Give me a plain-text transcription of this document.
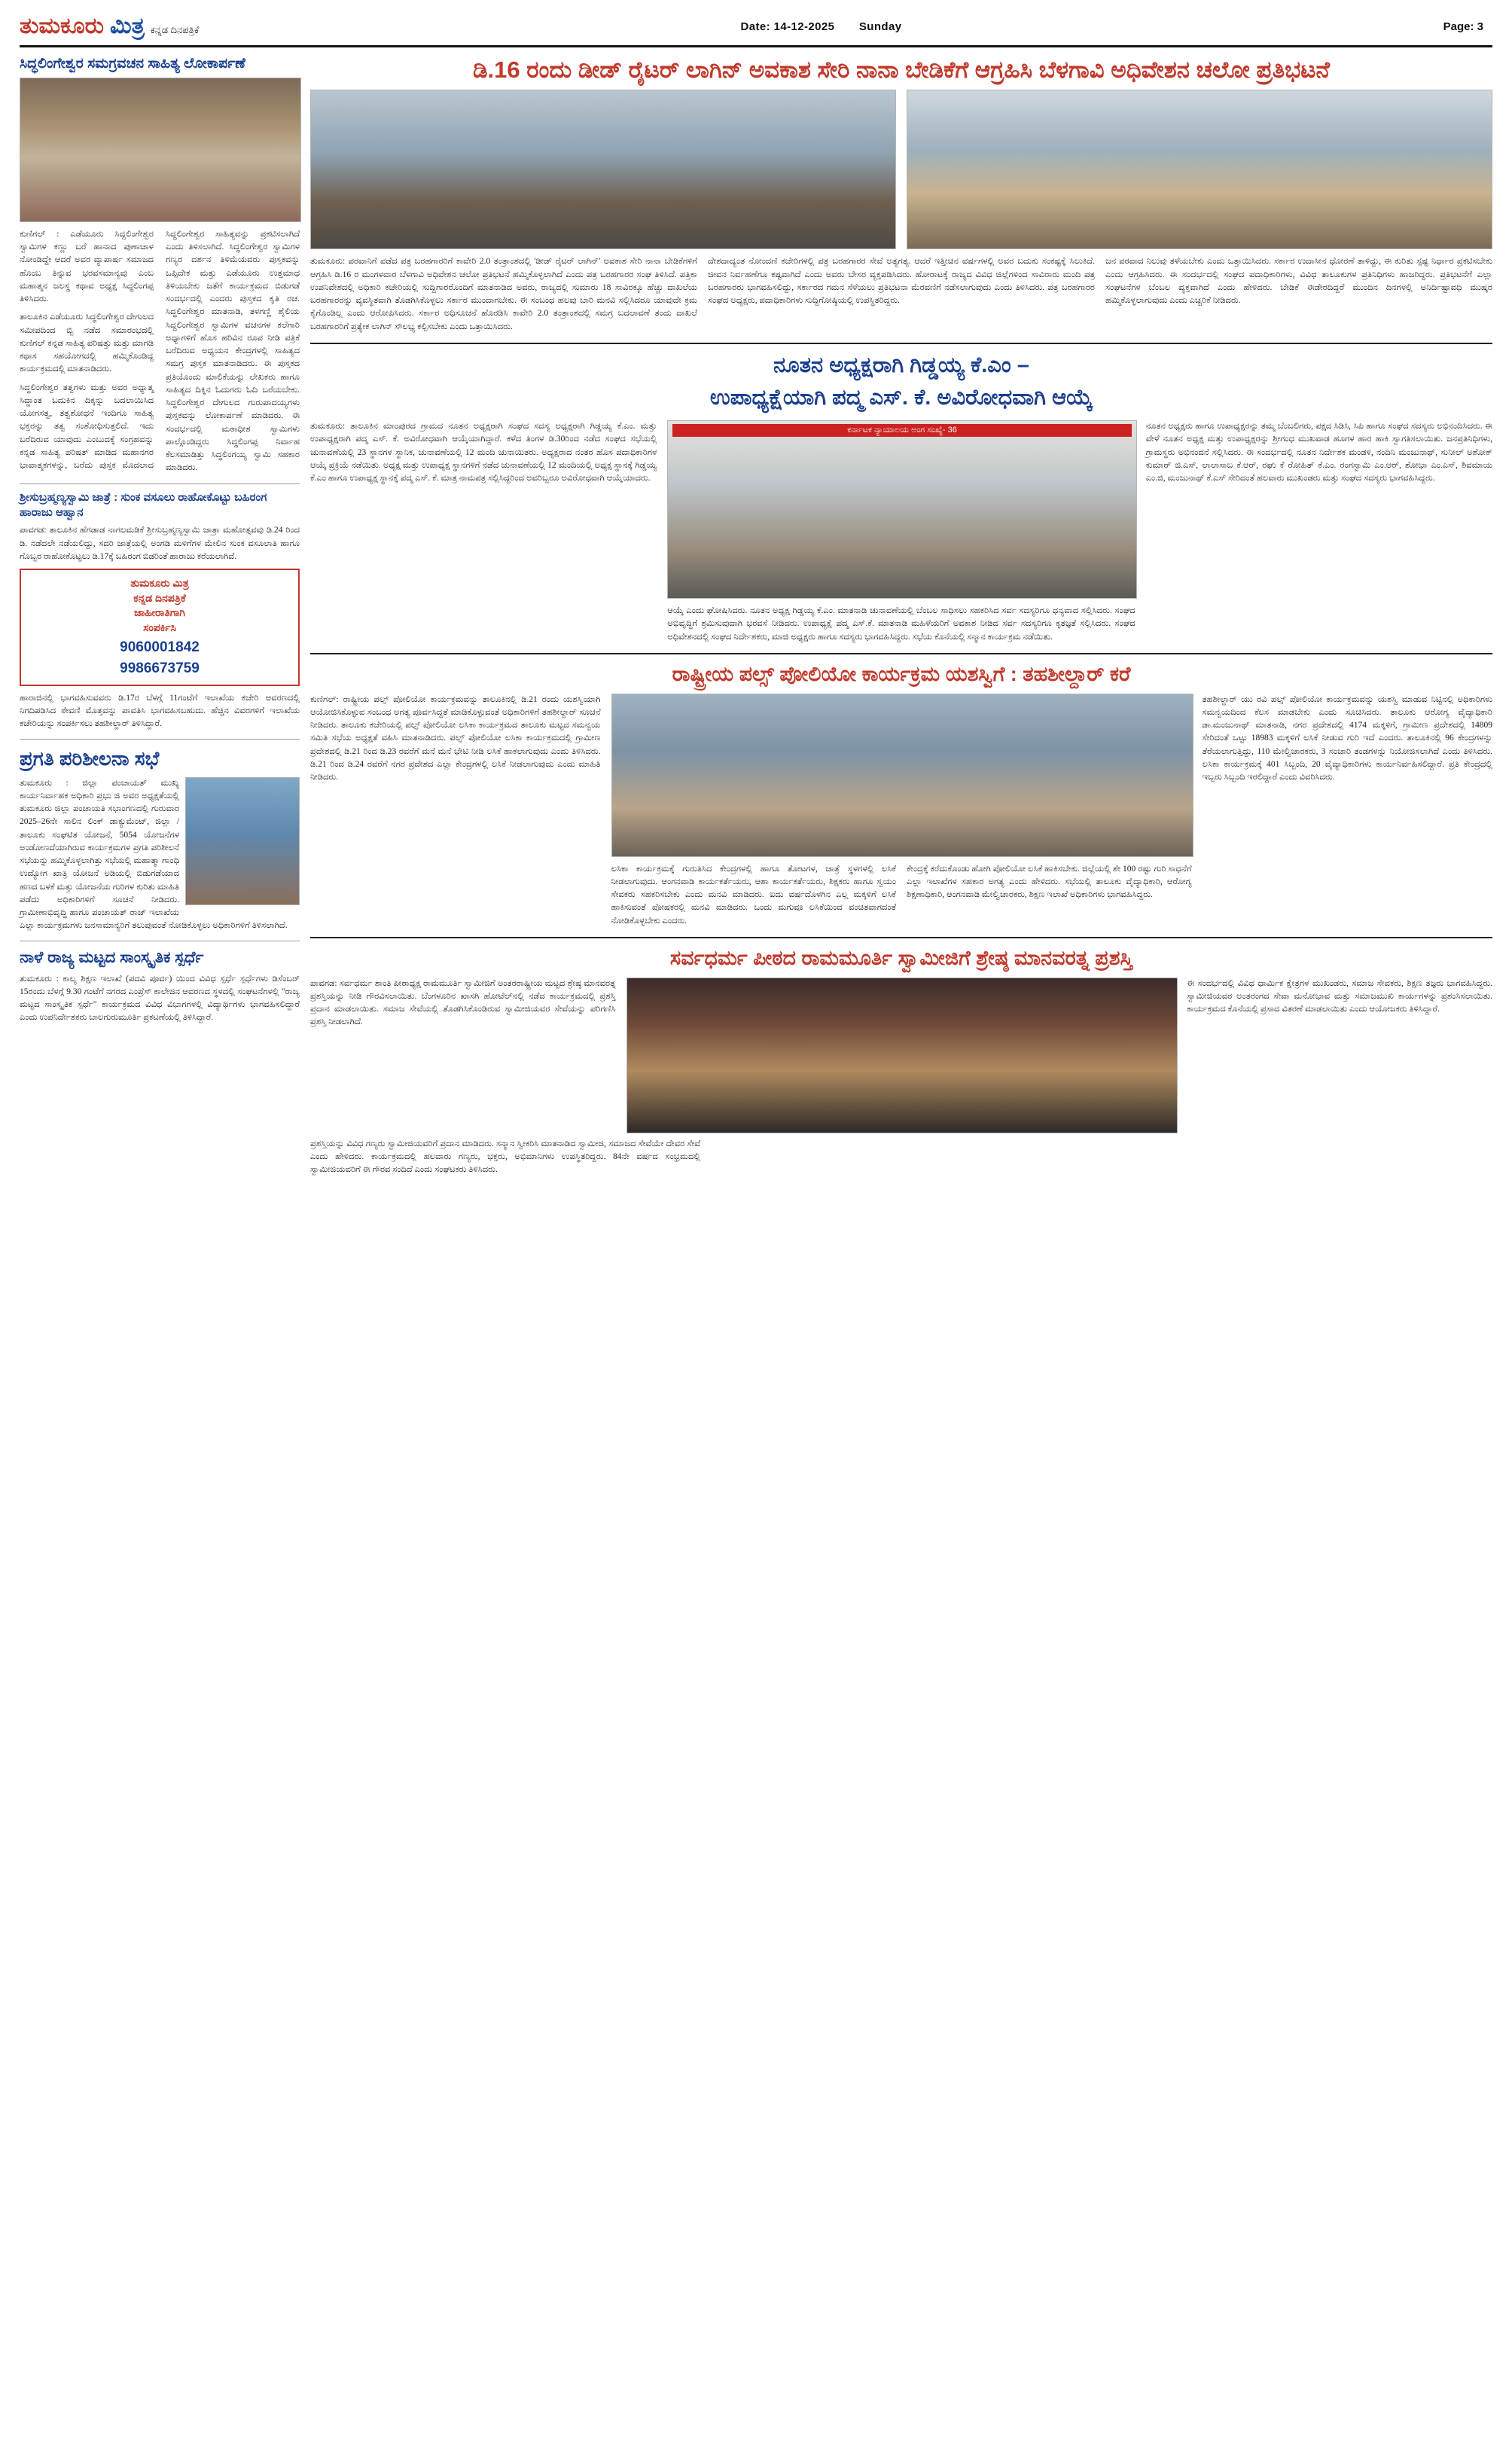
ತುಮಕೂರು ಮಿತ್ರ ಕನ್ನಡ ದಿನಪತ್ರಿಕೆ	Date: 14-12-2025 Sunday	Page: 3
ಸಿದ್ಧಲಿಂಗೇಶ್ವರ ಸಮಗ್ರವಚನ ಸಾಹಿತ್ಯ ಲೋಕಾರ್ಪಣೆ

ಕುಣಿಗಲ್ : ಎಡೆಯೂರು ಸಿದ್ದಲಿಂಗೇಶ್ವರ ಸ್ವಾಮಿಗಳ ಕಣ್ಣು ಬರೆ ಹಾನಾದ ಪುಣಾಚಾಳ ನೋಂಡಿದ್ದೇ ಆದರೆ ಅವರ ವ್ಯಾಪಾರ್ಷ ಸಮಾಜದ ಹೊಂಬ ತಿನ್ನುವ ಭರವಸಮಾನ್ಯವು ಎಂಬ ಮಹಾತ್ಮನ ಜಲಸ್ಥ ಕಥಾವ ಅಧ್ಯಕ್ಷ ಸಿದ್ಧಲಿಂಗಪ್ಪ ತಿಳಿಸಿದರು.

ತಾಲೂಕಿನ ಎಡೆಯೂರು ಸಿದ್ಧಲಿಂಗೇಶ್ವರ ದೇಗುಲದ ಸಮೀಪದಿಂದ ಬ್ಬಿ ನಡೆದ ಸಮಾರಂಭದಲ್ಲಿ ಕುಣಿಗಲ್ ಕನ್ನಡ ಸಾಹಿತ್ಯ ಪರಿಷತ್ತು ಮತ್ತು ಮಾಗಡಿ ಕಥಾಸ ಸಹಯೋಗದಲ್ಲಿ ಹಮ್ಮಿಕೊಂಡಿದ್ದ ಕಾರ್ಯಕ್ರಮದಲ್ಲಿ ಮಾತನಾಡಿದರು.

ಸಿದ್ಧಲಿಂಗೇಶ್ವರ ತತ್ವಗಳು ಮತ್ತು ಅವರ ಅಧ್ಯಾತ್ಮ ಸಿದ್ಧಾಂತ ಬದುಕಿನ ದಿಕ್ಕನ್ನು ಬದಲಾಯಿಸಿದ ಯೋಗಸತ್ವ, ತತ್ವಶೋಧನೆ ಇಂದಿಗೂ ಸಾಹಿತ್ಯ ಭಕ್ತರನ್ನು ತತ್ವ ಸಂಶೋಧಿಸುತ್ತಲಿದೆ. ಇದು ಬರೆದಿರುವ ಯಾವುದು ಎಂಬುದಕ್ಕೆ ಸಂಗ್ರಹವನ್ನು ಕನ್ನಡ ಸಾಹಿತ್ಯ ಪರಿಷತ್ ಮಾಡಿದ ಮಹಾನಗರ ಭಾವಾತ್ಮಕಗಳನ್ನು, ಬರೆದು ಪುಸ್ತಕ ಮೊದಲಾದ ಸಿದ್ಧಲಿಂಗೇಶ್ವರ ಸಾಹಿತ್ಯವನ್ನು ಪ್ರಕಟಿಸಲಾಗಿದೆ ಎಂದು ತಿಳಿಸಲಾಗಿದೆ. ಸಿದ್ಧಲಿಂಗೇಶ್ವರ ಸ್ವಾಮಿಗಳ ಗಣ್ಯರ ದರ್ಶನ ತಿಳಿಮೆಯವರು ಪುಸ್ತಕವನ್ನು ಒಪ್ಪಿದೇಕ ಮತ್ತು ಎಡೆಯೂರು ಉತ್ತಮಾಧ ತಿಳಿಯಬೇಕು ಜತೆಗೆ ಕಾರ್ಯಕ್ರಮದ ಬಿಡುಗಡೆ ಸಂದರ್ಭದಲ್ಲಿ ಎಂದರು ಪುಸ್ತಕದ ಕೃತಿ ರಚ. ಸಿದ್ಧಲಿಂಗೇಶ್ವರ ಮಾತನಾಡಿ, ತಳಗಣ್ಣಿ ಶೈಲಿಯ ಸಿದ್ಧಲಿಂಗೇಶ್ವರ ಸ್ವಾಮಿಗಳ ವಚನಗಳ ಕಲೆಗಾರಿ ಅಧ್ಯಾಗಳಿಗೆ ಹೊಸ ಹರಿವಿನ ರೂಪ ನೀಡಿ ಪತ್ರಿಕೆ ಬರೆದಿರುವ ಅಧ್ಯಯನ ಕೇಂದ್ರಗಳಲ್ಲಿ ಸಾಹಿತ್ಯದ ಸಮಗ್ರ ಪುಸ್ತಕ ಮಾತನಾಡಿದರು. ಈ ಪುಸ್ತಕದ ಪ್ರತಿಯೊಂದು ಮಾಲಿಕೆಯನ್ನು ಲೇಖಕರು ಹಾಗೂ ಸಾಹಿತ್ಯದ ದಿಕ್ಕಿನ ಓದುಗರು ಓದಿ ಬರೆಯಬೇಕು. ಸಿದ್ಧಲಿಂಗೇಶ್ವರ ದೇಗುಲದ ಗುರುಪಾದಯ್ಯಗಳು ಪುಸ್ತಕವನ್ನು ಲೋಕಾರ್ಪಣೆ ಮಾಡಿದರು. ಈ ಸಂದರ್ಭದಲ್ಲಿ ಮಠಾಧೀಶ ಸ್ವಾಮಿಗಳು ಪಾಲ್ಗೊಂಡಿದ್ದರು ಸಿದ್ಧಲಿಂಗಪ್ಪ ನಿರ್ವಾಹ ಕೆಲಸಮಾಡಿತ್ತು ಸಿದ್ಧಲಿಂಗಯ್ಯ ಸ್ವಾಮಿ ಸಹಕಾರ ಮಾಡಿದರು.

ಶ್ರೀಸುಬ್ರಹ್ಮಣ್ಯಸ್ವಾಮಿ ಜಾತ್ರೆ : ಸುಂಕ ವಸೂಲು ರಾಹೋಕೊಟ್ಟು ಬಹಿರಂಗ ಹಾರಾಜು ಆಹ್ವಾನ

ಪಾವಗಡ: ತಾಲೂಕಿನ ಹೆಗಡಾಡ ನಾಗಲಮಡಿಕೆ ಶ್ರೀಸುಬ್ರಹ್ಮಣ್ಯಸ್ವಾಮಿ ಜಾತ್ರಾ ಮಹೋತ್ಸವವು ಡಿ.24 ರಿಂದ ಡಿ. ನಡೆದಲೇ ನಡೆಯಲಿದ್ದು, ಸದರಿ ಜಾತ್ರೆಯಲ್ಲಿ ಅಂಗಡಿ ಮಳಿಗೆಗಳ ಮೇಲಿನ ಸುಂಕ ವಸೂಲಾತಿ ಹಾಗೂ ಗೊಬ್ಬರ ರಾಹೋಕೊಟ್ಟಲು ಡಿ.17ಕ್ಕೆ ಬಹಿರಂಗ ಬಿಡರಿಂತೆ ಹಾರಾಜು ಕರೆಯಲಾಗಿದೆ.

ತುಮಕೂರು ಮಿತ್ರ
ಕನ್ನಡ ದಿನಪತ್ರಿಕೆ
ಜಾಹೀರಾತಿಗಾಗಿ
ಸಂಪರ್ಕಿಸಿ
9060001842
9986673759

ಹಾರಾಜಿನಲ್ಲಿ ಭಾಗವಹಿಸುವವರು ಡಿ.17ರ ಬೆಳಗ್ಗೆ 11ಗಂಟೆಗೆ ಇಲಾಖೆಯ ಕಚೇರಿ ಆವರಣದಲ್ಲಿ ನಿಗದಿಪಡಿಸಿದ ಠೇವಣಿ ಮೊತ್ತವನ್ನು ಪಾವತಿಸಿ ಭಾಗವಹಿಸಬಹುದು. ಹೆಚ್ಚಿನ ವಿವರಗಳಿಗೆ ಇಲಾಖೆಯ ಕಚೇರಿಯನ್ನು ಸಂಪರ್ಕಿಸಲು ತಹಶೀಲ್ದಾರ್ ತಿಳಿಸಿದ್ದಾರೆ.

ಪ್ರಗತಿ ಪರಿಶೀಲನಾ ಸಭೆ

ತುಮಕೂರು : ಜಿಲ್ಲಾ ಪಂಚಾಯತ್ ಮುಖ್ಯ ಕಾರ್ಯನಿರ್ವಾಹಕ ಅಧಿಕಾರಿ ಪ್ರಭು ಜಿ ಅವರ ಅಧ್ಯಕ್ಷತೆಯಲ್ಲಿ ತುಮಕೂರು ಜಿಲ್ಲಾ ಪಂಚಾಯತಿ ಸಭಾಂಗಣದಲ್ಲಿ ಗುರುವಾರ 2025–26ನೇ ಸಾಲಿನ ಲಿಂಕ್ ಡಾಕ್ಯುಮೆಂಟ್, ಜಿಲ್ಲಾ / ತಾಲೂಕು ಸಂಘಟಿತ ಯೋಜನೆ, 5054 ಯೋಜನೆಗಳ ಅಂಡೋಣದೆಯಾಗಿರುವ ಕಾರ್ಯಕ್ರಮಗಳ ಪ್ರಗತಿ ಪರಿಶೀಲನೆ ಸಭೆಯನ್ನು ಹಮ್ಮಿಕೊಳ್ಳಲಾಗಿತ್ತು ಸಭೆಯಲ್ಲಿ ಮಹಾತ್ಮಾ ಗಾಂಧಿ ಉದ್ಯೋಗ ಖಾತ್ರಿ ಯೋಜನೆ ಅಡಿಯಲ್ಲಿ ಬಿಡುಗಡೆಯಾದ ಹಣದ ಬಳಕೆ ಮತ್ತು ಯೋಜನೆಯ ಗುರಿಗಳ ಕುರಿತು ಮಾಹಿತಿ ಪಡೆದು ಅಧಿಕಾರಿಗಳಿಗೆ ಸೂಚನೆ ನೀಡಿದರು. ಗ್ರಾಮೀಣಾಭಿವೃದ್ಧಿ ಹಾಗೂ ಪಂಚಾಯತ್ ರಾಜ್ ಇಲಾಖೆಯ ಎಲ್ಲಾ ಕಾರ್ಯಕ್ರಮಗಳು ಜನಸಾಮಾನ್ಯರಿಗೆ ತಲುಪುವಂತೆ ನೋಡಿಕೊಳ್ಳಲು ಅಧಿಕಾರಿಗಳಿಗೆ ತಿಳಿಸಲಾಗಿದೆ.

ನಾಳೆ ರಾಜ್ಯ ಮಟ್ಟದ ಸಾಂಸ್ಕೃತಿಕ ಸ್ಪರ್ಧೆ

ತುಮಕೂರು : ಕಾಲ್ಯ ಶಿಕ್ಷಣ ಇಲಾಖೆ (ಪದವಿ ಪೂರ್ವ) ಯಿಂದ ವಿವಿಧ ಸ್ಪರ್ಧೆ ಸ್ಪರ್ಧೆಗಳು ಡಿಸೆಂಬರ್ 15ರಂದು ಬೆಳಗ್ಗೆ 9.30 ಗಂಟೆಗೆ ನಗರದ ಎಂಪ್ರೆಸ್ ಕಾಲೇಜಿನ ಆವರಣದ ಸ್ಥಳದಲ್ಲಿ ಸಂಘಟನೆಗಳಲ್ಲಿ "ರಾಜ್ಯ ಮಟ್ಟದ ಸಾಂಸ್ಕೃತಿಕ ಸ್ಪರ್ಧೆ" ಕಾರ್ಯಕ್ರಮದ ವಿವಿಧ ವಿಭಾಗಗಳಲ್ಲಿ ವಿದ್ಯಾರ್ಥಿಗಳು ಭಾಗವಹಿಸಲಿದ್ದಾರೆ ಎಂದು ಉಪನಿರ್ದೇಶಕರು ಬಾಲಗುರುಮೂರ್ತಿ ಪ್ರಕಟಣೆಯಲ್ಲಿ ತಿಳಿಸಿದ್ದಾರೆ.

ಡಿ.16 ರಂದು ಡೀಡ್ ರೈಟರ್ ಲಾಗಿನ್ ಅವಕಾಶ ಸೇರಿ ನಾನಾ ಬೇಡಿಕೆಗೆ ಆಗ್ರಹಿಸಿ ಬೆಳಗಾವಿ ಅಧಿವೇಶನ ಚಲೋ ಪ್ರತಿಭಟನೆ
ತುಮಕೂರು: ಪರವಾನಿಗೆ ಪಡೆದ ಪತ್ರ ಬರಹಗಾರರಿಗೆ ಕಾವೇರಿ 2.0 ತಂತ್ರಾಂಶದಲ್ಲಿ 'ಡೀಡ್ ರೈಟರ್ ಲಾಗಿನ್' ಅವಕಾಶ ಸೇರಿ ನಾನಾ ಬೇಡಿಕೆಗಳಿಗೆ ಆಗ್ರಹಿಸಿ ಡಿ.16 ರ ಮಂಗಳವಾರ ಬೆಳಗಾವಿ ಅಧಿವೇಶನ ಚಲೋ ಪ್ರತಿಭಟನೆ ಹಮ್ಮಿಕೊಳ್ಳಲಾಗಿದೆ ಎಂದು ಪತ್ರ ಬರಹಗಾರರ ಸಂಘ ತಿಳಿಸಿದೆ. ಪತ್ರಿಕಾ ಉಪನಿವೇಶದಲ್ಲಿ ಅಧಿಕಾರಿ ಕಚೇರಿಯಲ್ಲಿ ಸುದ್ದಿಗಾರರೊಂದಿಗೆ ಮಾತನಾಡಿದ ಅವರು, ರಾಜ್ಯದಲ್ಲಿ ಸುಮಾರು 18 ಸಾವಿರಕ್ಕೂ ಹೆಚ್ಚು ದಾಖಲೆಯ ಬರಹಗಾರರನ್ನು ವ್ಯವಸ್ಥಿತವಾಗಿ ತೊಡಗಿಸಿಕೊಳ್ಳಲು ಸರ್ಕಾರ ಮುಂದಾಗಬೇಕು. ಈ ಸಂಬಂಧ ಹಲವು ಬಾರಿ ಮನವಿ ಸಲ್ಲಿಸಿದರೂ ಯಾವುದೇ ಕ್ರಮ ಕೈಗೊಂಡಿಲ್ಲ ಎಂದು ಆರೋಪಿಸಿದರು. ಸರ್ಕಾರ ಅಧಿಸೂಚನೆ ಹೊರಡಿಸಿ ಕಾವೇರಿ 2.0 ತಂತ್ರಾಂಶದಲ್ಲಿ ಸಮಗ್ರ ಬದಲಾವಣೆ ತಂದು ದಾಖಲೆ ಬರಹಗಾರರಿಗೆ ಪ್ರತ್ಯೇಕ ಲಾಗಿನ್ ಸೌಲಭ್ಯ ಕಲ್ಪಿಸಬೇಕು ಎಂದು ಒತ್ತಾಯಿಸಿದರು.
ದೇಶದಾದ್ಯಂತ ನೋಂದಣಿ ಕಚೇರಿಗಳಲ್ಲಿ ಪತ್ರ ಬರಹಗಾರರ ಸೇವೆ ಅತ್ಯಗತ್ಯ. ಆದರೆ ಇತ್ತೀಚಿನ ವರ್ಷಗಳಲ್ಲಿ ಅವರ ಬದುಕು ಸಂಕಷ್ಟಕ್ಕೆ ಸಿಲುಕಿದೆ. ಜೀವನ ನಿರ್ವಹಣೆಗೂ ಕಷ್ಟವಾಗಿದೆ ಎಂದು ಅವರು ಬೇಸರ ವ್ಯಕ್ತಪಡಿಸಿದರು. ಹೋರಾಟಕ್ಕೆ ರಾಜ್ಯದ ವಿವಿಧ ಜಿಲ್ಲೆಗಳಿಂದ ಸಾವಿರಾರು ಮಂದಿ ಪತ್ರ ಬರಹಗಾರರು ಭಾಗವಹಿಸಲಿದ್ದು, ಸರ್ಕಾರದ ಗಮನ ಸೆಳೆಯಲು ಪ್ರತಿಭಟನಾ ಮೆರವಣಿಗೆ ನಡೆಸಲಾಗುವುದು ಎಂದು ತಿಳಿಸಿದರು. ಪತ್ರ ಬರಹಗಾರರ ಸಂಘದ ಅಧ್ಯಕ್ಷರು, ಪದಾಧಿಕಾರಿಗಳು ಸುದ್ದಿಗೋಷ್ಠಿಯಲ್ಲಿ ಉಪಸ್ಥಿತರಿದ್ದರು.
ಜನ ಪರವಾದ ನಿಲುವು ತಳೆಯಬೇಕು ಎಂದು ಒತ್ತಾಯಿಸಿದರು. ಸರ್ಕಾರ ಉದಾಸೀನ ಧೋರಣೆ ತಾಳಿದ್ದು, ಈ ಕುರಿತು ಸ್ಪಷ್ಟ ನಿರ್ಧಾರ ಪ್ರಕಟಿಸಬೇಕು ಎಂದು ಆಗ್ರಹಿಸಿದರು. ಈ ಸಂದರ್ಭದಲ್ಲಿ ಸಂಘದ ಪದಾಧಿಕಾರಿಗಳು, ವಿವಿಧ ತಾಲೂಕುಗಳ ಪ್ರತಿನಿಧಿಗಳು ಹಾಜರಿದ್ದರು. ಪ್ರತಿಭಟನೆಗೆ ಎಲ್ಲಾ ಸಂಘಟನೆಗಳ ಬೆಂಬಲ ವ್ಯಕ್ತವಾಗಿದೆ ಎಂದು ಹೇಳಿದರು. ಬೇಡಿಕೆ ಈಡೇರದಿದ್ದರೆ ಮುಂದಿನ ದಿನಗಳಲ್ಲಿ ಅನಿರ್ದಿಷ್ಟಾವಧಿ ಮುಷ್ಕರ ಹಮ್ಮಿಕೊಳ್ಳಲಾಗುವುದು ಎಂದು ಎಚ್ಚರಿಕೆ ನೀಡಿದರು.
ನೂತನ ಅಧ್ಯಕ್ಷರಾಗಿ ಗಿಡ್ಡಯ್ಯ ಕೆ.ಎಂ –
ಉಪಾಧ್ಯಕ್ಷೆಯಾಗಿ ಪದ್ಮ ಎಸ್. ಕೆ. ಅವಿರೋಧವಾಗಿ ಆಯ್ಕೆ
ತುಮಕೂರು: ತಾಲೂಕಿನ ಮಾಂಪುರದ ಗ್ರಾಮದ ನೂತನ ಅಧ್ಯಕ್ಷರಾಗಿ ಸಂಘದ ಸದಸ್ಯ ಅಧ್ಯಕ್ಷರಾಗಿ ಗಿಡ್ಡಯ್ಯ ಕೆ.ಎಂ. ಮತ್ತು ಉಪಾಧ್ಯಕ್ಷರಾಗಿ ಪದ್ಮ ಎಸ್. ಕೆ. ಅವಿರೋಧವಾಗಿ ಆಯ್ಕೆಯಾಗಿದ್ದಾರೆ. ಕಳೆದ ತಿಂಗಳ ಡಿ.30ರಿಂದ ನಡೆದ ಸಂಘದ ಸಭೆಯಲ್ಲಿ ಚುನಾವಣೆಯಲ್ಲಿ 23 ಸ್ಥಾನಗಳ ಸ್ಥಾನಿಕ, ಚುನಾವಣೆಯಲ್ಲಿ 12 ಮಂದಿ ಚುನಾಯಿತರು. ಅಧ್ಯಕ್ಷರಾದ ನಂತರ ಹೊಸ ಪದಾಧಿಕಾರಿಗಳ ಆಯ್ಕೆ ಪ್ರಕ್ರಿಯೆ ನಡೆಯಿತು. ಅಧ್ಯಕ್ಷ ಮತ್ತು ಉಪಾಧ್ಯಕ್ಷ ಸ್ಥಾನಗಳಿಗೆ ನಡೆದ ಚುನಾವಣೆಯಲ್ಲಿ 12 ಮಂದಿಯಲ್ಲಿ ಅಧ್ಯಕ್ಷ ಸ್ಥಾನಕ್ಕೆ ಗಿಡ್ಡಯ್ಯ ಕೆ.ಎಂ ಹಾಗೂ ಉಪಾಧ್ಯಕ್ಷ ಸ್ಥಾನಕ್ಕೆ ಪದ್ಮ ಎಸ್. ಕೆ. ಮಾತ್ರ ನಾಮಪತ್ರ ಸಲ್ಲಿಸಿದ್ದರಿಂದ ಅವರಿಬ್ಬರೂ ಅವಿರೋಧವಾಗಿ ಆಯ್ಕೆಯಾದರು.
ಕರ್ನಾಟಕ ನ್ಯಾಯಾಲಯ ಅಂಗ ಸಂಖ್ಯೆ- 36
ಆಯ್ಕೆ ಎಂದು ಘೋಷಿಸಿದರು. ನೂತನ ಅಧ್ಯಕ್ಷ ಗಿಡ್ಡಯ್ಯ ಕೆ.ಎಂ. ಮಾತನಾಡಿ ಚುನಾವಣೆಯಲ್ಲಿ ಬೆಂಬಲ ಸಾಧಿಸಲು ಸಹಕರಿಸಿದ ಸರ್ವ ಸದಸ್ಯರಿಗೂ ಧನ್ಯವಾದ ಸಲ್ಲಿಸಿದರು. ಸಂಘದ ಅಭಿವೃದ್ಧಿಗೆ ಶ್ರಮಿಸುವುದಾಗಿ ಭರವಸೆ ನೀಡಿದರು. ಉಪಾಧ್ಯಕ್ಷೆ ಪದ್ಮ ಎಸ್.ಕೆ. ಮಾತನಾಡಿ ಮಹಿಳೆಯರಿಗೆ ಅವಕಾಶ ನೀಡಿದ ಸರ್ವ ಸದಸ್ಯರಿಗೂ ಕೃತಜ್ಞತೆ ಸಲ್ಲಿಸಿದರು. ಸಂಘದ ಅಧಿವೇಶನದಲ್ಲಿ ಸಂಘದ ನಿರ್ದೇಶಕರು, ಮಾಜಿ ಅಧ್ಯಕ್ಷರು ಹಾಗೂ ಸದಸ್ಯರು ಭಾಗವಹಿಸಿದ್ದರು. ಸಭೆಯ ಕೊನೆಯಲ್ಲಿ ಸನ್ಮಾನ ಕಾರ್ಯಕ್ರಮ ನಡೆಯಿತು.
ನೂತನ ಅಧ್ಯಕ್ಷರು ಹಾಗೂ ಉಪಾಧ್ಯಕ್ಷರನ್ನು ತಮ್ಮ ಬೆಂಬಲಿಗರು, ಪಕ್ಷದ ಸಿಡಿಸಿ, ಸಿಪಿ ಹಾಗೂ ಸಂಘದ ಸದಸ್ಯರು ಅಭಿನಂದಿಸಿದರು. ಈ ವೇಳೆ ನೂತನ ಅಧ್ಯಕ್ಷ ಮತ್ತು ಉಪಾಧ್ಯಕ್ಷರನ್ನು ಶ್ರೀಗಂಧ ಮುಖವಾಡ ಹೂಗಳ ಹಾರ ಹಾಕಿ ಸ್ವಾಗತಿಸಲಾಯಿತು. ಜನಪ್ರತಿನಿಧಿಗಳು, ಗ್ರಾಮಸ್ಥರು ಅಭಿನಂದನೆ ಸಲ್ಲಿಸಿದರು. ಈ ಸಂದರ್ಭದಲ್ಲಿ ನೂತನ ನಿರ್ದೇಶಕ ಮಂಡಳಿ, ನಂದಿನಿ ಮಂಜುನಾಥ್, ಸುನೀಲ್ ಅಶೋಕ್ ಕುಮಾರ್ ಜಿ.ಎಸ್, ಲಾಲಾಸಾಬ ಕೆ.ಆರ್, ರಘು ಕೆ ರೋಹಿತ್ ಕೆ.ಎಂ. ರಂಗಸ್ವಾಮಿ ಎಂ.ಆರ್, ಶೋಭಾ ಎಂ.ಎಸ್, ಶಿವಮಾಯ ಎಂ.ಜಿ, ಮಂಜುನಾಥ್ ಕೆ.ಎಸ್ ಸೇರಿದಂತೆ ಹಲವಾರು ಮುಖಂಡರು ಮತ್ತು ಸಂಘದ ಸದಸ್ಯರು ಭಾಗವಹಿಸಿದ್ದರು.
ರಾಷ್ಟ್ರೀಯ ಪಲ್ಸ್ ಪೋಲಿಯೋ ಕಾರ್ಯಕ್ರಮ ಯಶಸ್ವಿಗೆ : ತಹಶೀಲ್ದಾರ್ ಕರೆ
ಕುಣಿಗಲ್: ರಾಷ್ಟ್ರೀಯ ಪಲ್ಸ್ ಪೋಲಿಯೋ ಕಾರ್ಯಕ್ರಮವನ್ನು ತಾಲೂಕಿನಲ್ಲಿ ಡಿ.21 ರಂದು ಯಶಸ್ವಿಯಾಗಿ ಆಯೋಜಿಸಿಕೊಳ್ಳುವ ಸಂಬಂಧ ಅಗತ್ಯ ಪೂರ್ವಸಿದ್ಧತೆ ಮಾಡಿಕೊಳ್ಳುವಂತೆ ಅಧಿಕಾರಿಗಳಿಗೆ ತಹಶೀಲ್ದಾರ್ ಸೂಚನೆ ನೀಡಿದರು. ತಾಲೂಕು ಕಚೇರಿಯಲ್ಲಿ ಪಲ್ಸ್ ಪೋಲಿಯೋ ಲಸಿಕಾ ಕಾರ್ಯಕ್ರಮದ ತಾಲೂಕು ಮಟ್ಟದ ಸಮನ್ವಯ ಸಮಿತಿ ಸಭೆಯ ಅಧ್ಯಕ್ಷತೆ ವಹಿಸಿ ಮಾತನಾಡಿದರು. ಪಲ್ಸ್ ಪೋಲಿಯೋ ಲಸಿಕಾ ಕಾರ್ಯಕ್ರಮದಲ್ಲಿ ಗ್ರಾಮೀಣ ಪ್ರದೇಶದಲ್ಲಿ ಡಿ.21 ರಿಂದ ಡಿ.23 ರವರೆಗೆ ಮನೆ ಮನೆ ಭೇಟಿ ನೀಡಿ ಲಸಿಕೆ ಹಾಕಲಾಗುವುದು ಎಂದು ತಿಳಿಸಿದರು. ಡಿ.21 ರಿಂದ ಡಿ.24 ರವರೆಗೆ ನಗರ ಪ್ರದೇಶದ ಎಲ್ಲಾ ಕೇಂದ್ರಗಳಲ್ಲಿ ಲಸಿಕೆ ನೀಡಲಾಗುವುದು ಎಂದು ಮಾಹಿತಿ ನೀಡಿದರು.
ಲಸಿಕಾ ಕಾರ್ಯಕ್ರಮಕ್ಕೆ ಗುರುತಿಸಿದ ಕೇಂದ್ರಗಳಲ್ಲಿ ಹಾಗೂ ತೋಟಗಳ, ಜಾತ್ರೆ ಸ್ಥಳಗಳಲ್ಲಿ ಲಸಿಕೆ ನೀಡಲಾಗುವುದು. ಆಂಗನವಾಡಿ ಕಾರ್ಯಕರ್ತೆಯರು, ಆಶಾ ಕಾರ್ಯಕರ್ತೆಯರು, ಶಿಕ್ಷಕರು ಹಾಗೂ ಸ್ವಯಂ ಸೇವಕರು ಸಹಕರಿಸಬೇಕು ಎಂದು ಮನವಿ ಮಾಡಿದರು. ಐದು ವರ್ಷದೊಳಗಿನ ಎಲ್ಲ ಮಕ್ಕಳಿಗೆ ಲಸಿಕೆ ಹಾಕಿಸುವಂತೆ ಪೋಷಕರಲ್ಲಿ ಮನವಿ ಮಾಡಿದರು. ಒಂದು ಮಗುವೂ ಲಸಿಕೆಯಿಂದ ವಂಚಿತವಾಗದಂತೆ ನೋಡಿಕೊಳ್ಳಬೇಕು ಎಂದರು.
ಕೇಂದ್ರಕ್ಕೆ ಕರೆದುಕೊಂಡು ಹೋಗಿ ಪೋಲಿಯೋ ಲಸಿಕೆ ಹಾಕಿಸಬೇಕು. ಜಿಲ್ಲೆಯಲ್ಲಿ ಶೇ 100 ರಷ್ಟು ಗುರಿ ಸಾಧನೆಗೆ ಎಲ್ಲಾ ಇಲಾಖೆಗಳ ಸಹಕಾರ ಅಗತ್ಯ ಎಂದು ಹೇಳಿದರು. ಸಭೆಯಲ್ಲಿ ತಾಲೂಕು ವೈದ್ಯಾಧಿಕಾರಿ, ಆರೋಗ್ಯ ಶಿಕ್ಷಣಾಧಿಕಾರಿ, ಆಂಗನವಾಡಿ ಮೇಲ್ವಿಚಾರಕರು, ಶಿಕ್ಷಣ ಇಲಾಖೆ ಅಧಿಕಾರಿಗಳು ಭಾಗವಹಿಸಿದ್ದರು.
ತಹಶೀಲ್ದಾರ್ ಯು ರವಿ ಪಲ್ಸ್ ಪೋಲಿಯೋ ಕಾರ್ಯಕ್ರಮವನ್ನು ಯಶಸ್ವಿ ಮಾಡುವ ನಿಟ್ಟಿನಲ್ಲಿ ಅಧಿಕಾರಿಗಳು ಸಮನ್ವಯದಿಂದ ಕೆಲಸ ಮಾಡಬೇಕು ಎಂದು ಸೂಚಿಸಿದರು. ತಾಲೂಕು ಆರೋಗ್ಯ ವೈದ್ಯಾಧಿಕಾರಿ ಡಾ.ಮಂಜುನಾಥ್ ಮಾತನಾಡಿ, ನಗರ ಪ್ರದೇಶದಲ್ಲಿ 4174 ಮಕ್ಕಳಿಗೆ, ಗ್ರಾಮೀಣ ಪ್ರದೇಶದಲ್ಲಿ 14809 ಸೇರಿದಂತೆ ಒಟ್ಟು 18983 ಮಕ್ಕಳಿಗೆ ಲಸಿಕೆ ನೀಡುವ ಗುರಿ ಇದೆ ಎಂದರು. ತಾಲೂಕಿನಲ್ಲಿ 96 ಕೇಂದ್ರಗಳನ್ನು ತೆರೆಯಲಾಗುತ್ತಿದ್ದು, 110 ಮೇಲ್ವಿಚಾರಕರು, 3 ಸಂಚಾರಿ ತಂಡಗಳನ್ನು ನಿಯೋಜಿಸಲಾಗಿದೆ ಎಂದು ತಿಳಿಸಿದರು. ಲಸಿಕಾ ಕಾರ್ಯಕ್ರಮಕ್ಕೆ 401 ಸಿಬ್ಬಂದಿ, 20 ವೈದ್ಯಾಧಿಕಾರಿಗಳು ಕಾರ್ಯನಿರ್ವಹಿಸಲಿದ್ದಾರೆ. ಪ್ರತಿ ಕೇಂದ್ರದಲ್ಲಿ ಇಬ್ಬರು ಸಿಬ್ಬಂದಿ ಇರಲಿದ್ದಾರೆ ಎಂದು ವಿವರಿಸಿದರು.
ಸರ್ವಧರ್ಮ ಪೀಠದ ರಾಮಮೂರ್ತಿ ಸ್ವಾಮೀಜಿಗೆ ಶ್ರೇಷ್ಠ ಮಾನವರತ್ನ ಪ್ರಶಸ್ತಿ
ಪಾವಗಡ: ಸರ್ವಧರ್ಮ ಶಾಂತಿ ಪೀಠಾಧ್ಯಕ್ಷ ರಾಮಮೂರ್ತಿ ಸ್ವಾಮೀಜಿಗೆ ಅಂತರರಾಷ್ಟ್ರೀಯ ಮಟ್ಟದ ಶ್ರೇಷ್ಠ ಮಾನವರತ್ನ ಪ್ರಶಸ್ತಿಯನ್ನು ನೀಡಿ ಗೌರವಿಸಲಾಯಿತು. ಬೆಂಗಳೂರಿನ ಖಾಸಗಿ ಹೋಟೆಲ್‌ನಲ್ಲಿ ನಡೆದ ಕಾರ್ಯಕ್ರಮದಲ್ಲಿ ಪ್ರಶಸ್ತಿ ಪ್ರದಾನ ಮಾಡಲಾಯಿತು. ಸಮಾಜ ಸೇವೆಯಲ್ಲಿ ತೊಡಗಿಸಿಕೊಂಡಿರುವ ಸ್ವಾಮೀಜಿಯವರ ಸೇವೆಯನ್ನು ಪರಿಗಣಿಸಿ ಪ್ರಶಸ್ತಿ ನೀಡಲಾಗಿದೆ.
ಈ ಸಂದರ್ಭದಲ್ಲಿ ವಿವಿಧ ಧಾರ್ಮಿಕ ಕ್ಷೇತ್ರಗಳ ಮುಖಂಡರು, ಸಮಾಜ ಸೇವಕರು, ಶಿಕ್ಷಣ ತಜ್ಞರು ಭಾಗವಹಿಸಿದ್ದರು. ಸ್ವಾಮೀಜಿಯವರ ಅಂತರಂಗದ ಸೇವಾ ಮನೋಭಾವ ಮತ್ತು ಸಮಾಜಮುಖಿ ಕಾರ್ಯಗಳನ್ನು ಪ್ರಶಂಸಿಸಲಾಯಿತು. ಕಾರ್ಯಕ್ರಮದ ಕೊನೆಯಲ್ಲಿ ಪ್ರಸಾದ ವಿತರಣೆ ಮಾಡಲಾಯಿತು ಎಂದು ಆಯೋಜಕರು ತಿಳಿಸಿದ್ದಾರೆ.
ಪ್ರಶಸ್ತಿಯನ್ನು ವಿವಿಧ ಗಣ್ಯರು ಸ್ವಾಮೀಜಿಯವರಿಗೆ ಪ್ರದಾನ ಮಾಡಿದರು. ಸನ್ಮಾನ ಸ್ವೀಕರಿಸಿ ಮಾತನಾಡಿದ ಸ್ವಾಮೀಜಿ, ಸಮಾಜದ ಸೇವೆಯೇ ದೇವರ ಸೇವೆ ಎಂದು ಹೇಳಿದರು. ಕಾರ್ಯಕ್ರಮದಲ್ಲಿ ಹಲವಾರು ಗಣ್ಯರು, ಭಕ್ತರು, ಅಭಿಮಾನಿಗಳು ಉಪಸ್ಥಿತರಿದ್ದರು. 84ನೇ ವರ್ಷದ ಸಂಭ್ರಮದಲ್ಲಿ ಸ್ವಾಮೀಜಿಯವರಿಗೆ ಈ ಗೌರವ ಸಂದಿದೆ ಎಂದು ಸಂಘಟಕರು ತಿಳಿಸಿದರು.
